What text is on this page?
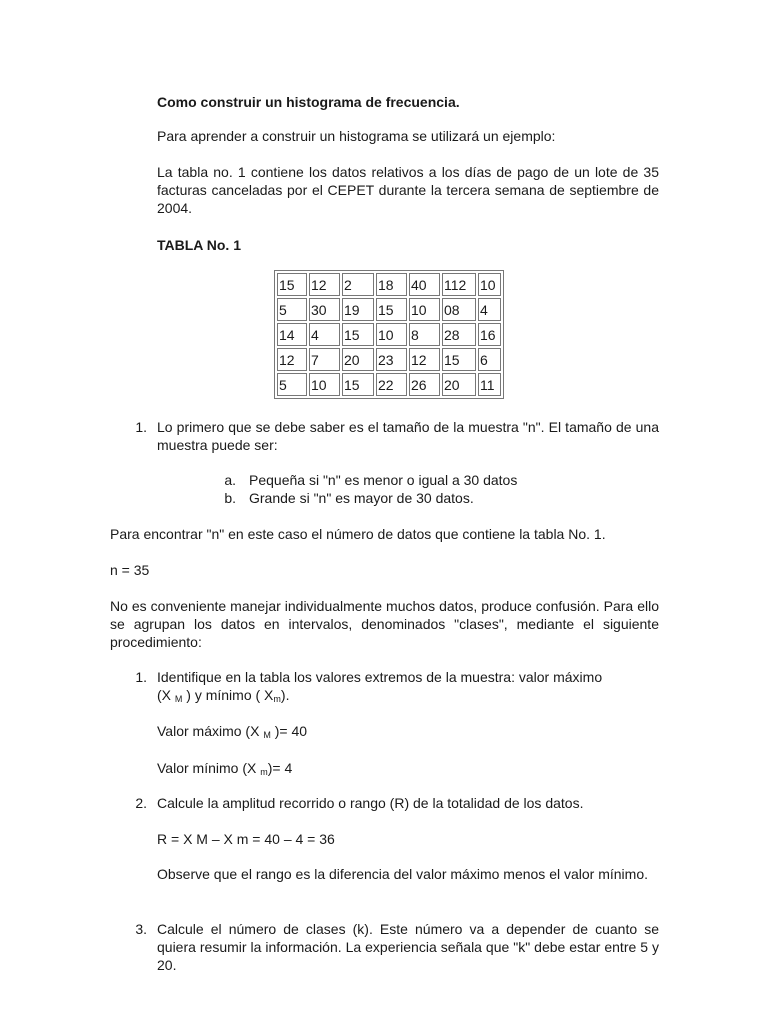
Como construir un histograma de frecuencia.

Para aprender a construir un histograma se utilizará un ejemplo:

La tabla no. 1 contiene los datos relativos a los días de pago de un lote de 35 facturas canceladas por el CEPET durante la tercera semana de septiembre de 2004.

TABLA No. 1

15	12	2	18	40	112	10
5	30	19	15	10	08	4
14	4	15	10	8	28	16
12	7	20	23	12	15	6
5	10	15	22	26	20	11
1. Lo primero que se debe saber es el tamaño de la muestra "n". El tamaño de una muestra puede ser:

a. Pequeña si "n" es menor o igual a 30 datos

b. Grande si "n" es mayor de 30 datos.

Para encontrar "n" en este caso el número de datos que contiene la tabla No. 1.

n = 35

No es conveniente manejar individualmente muchos datos, produce confusión. Para ello se agrupan los datos en intervalos, denominados "clases", mediante el siguiente procedimiento:

1. Identifique en la tabla los valores extremos de la muestra: valor máximo
(X M ) y mínimo ( Xm).

Valor máximo (X M )= 40

Valor mínimo (X m)= 4

2. Calcule la amplitud recorrido o rango (R) de la totalidad de los datos.

R = X M – X m = 40 – 4 = 36

Observe que el rango es la diferencia del valor máximo menos el valor mínimo.

3. Calcule el número de clases (k). Este número va a depender de cuanto se quiera resumir la información. La experiencia señala que "k" debe estar entre 5 y 20.
